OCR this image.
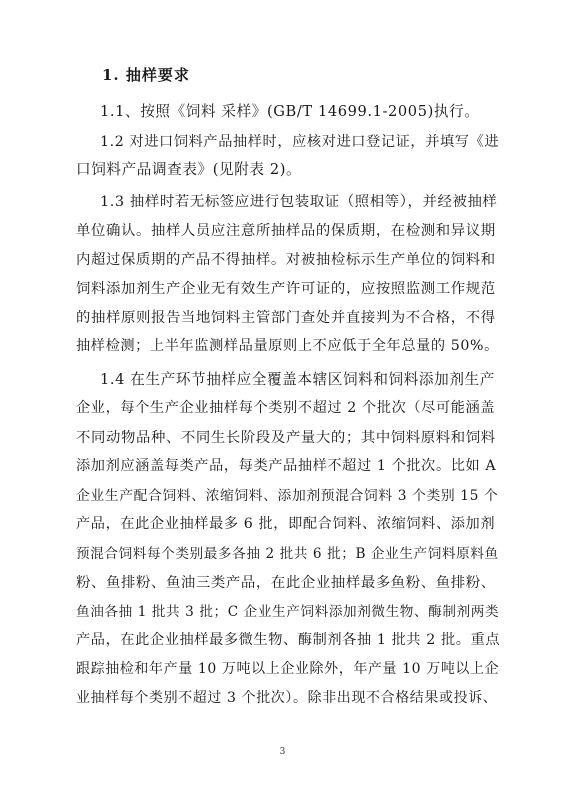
1. 抽样要求
1.1、按照《饲料 采样》(GB/T 14699.1-2005)执行。
1.2 对进口饲料产品抽样时，应核对进口登记证，并填写《进
口饲料产品调查表》(见附表 2)。
1.3 抽样时若无标签应进行包装取证（照相等），并经被抽样
单位确认。抽样人员应注意所抽样品的保质期，在检测和异议期
内超过保质期的产品不得抽样。对被抽检标示生产单位的饲料和
饲料添加剂生产企业无有效生产许可证的，应按照监测工作规范
的抽样原则报告当地饲料主管部门查处并直接判为不合格，不得
抽样检测；上半年监测样品量原则上不应低于全年总量的 50%。
1.4 在生产环节抽样应全覆盖本辖区饲料和饲料添加剂生产
企业，每个生产企业抽样每个类别不超过 2 个批次（尽可能涵盖
不同动物品种、不同生长阶段及产量大的；其中饲料原料和饲料
添加剂应涵盖每类产品，每类产品抽样不超过 1 个批次。比如 A
企业生产配合饲料、浓缩饲料、添加剂预混合饲料 3 个类别 15 个
产品，在此企业抽样最多 6 批，即配合饲料、浓缩饲料、添加剂
预混合饲料每个类别最多各抽 2 批共 6 批；B 企业生产饲料原料鱼
粉、鱼排粉、鱼油三类产品，在此企业抽样最多鱼粉、鱼排粉、
鱼油各抽 1 批共 3 批；C 企业生产饲料添加剂微生物、酶制剂两类
产品，在此企业抽样最多微生物、酶制剂各抽 1 批共 2 批。重点
跟踪抽检和年产量 10 万吨以上企业除外，年产量 10 万吨以上企
业抽样每个类别不超过 3 个批次）。除非出现不合格结果或投诉、
3
